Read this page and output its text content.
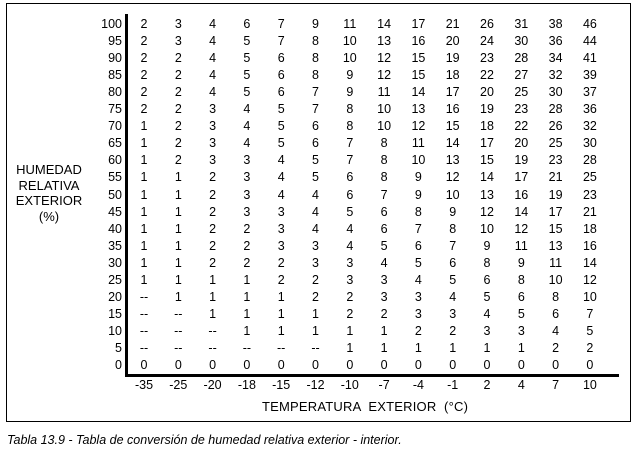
HUMEDAD
RELATIVA
EXTERIOR
(%)
100	2	3	4	6	7	9	11	14	17	21	26	31	38	46
95	2	3	4	5	7	8	10	13	16	20	24	30	36	44
90	2	2	4	5	6	8	10	12	15	19	23	28	34	41
85	2	2	4	5	6	8	9	12	15	18	22	27	32	39
80	2	2	4	5	6	7	9	11	14	17	20	25	30	37
75	2	2	3	4	5	7	8	10	13	16	19	23	28	36
70	1	2	3	4	5	6	8	10	12	15	18	22	26	32
65	1	2	3	4	5	6	7	8	11	14	17	20	25	30
60	1	2	3	3	4	5	7	8	10	13	15	19	23	28
55	1	1	2	3	4	5	6	8	9	12	14	17	21	25
50	1	1	2	3	4	4	6	7	9	10	13	16	19	23
45	1	1	2	3	3	4	5	6	8	9	12	14	17	21
40	1	1	2	2	3	4	4	6	7	8	10	12	15	18
35	1	1	2	2	3	3	4	5	6	7	9	11	13	16
30	1	1	2	2	2	3	3	4	5	6	8	9	11	14
25	1	1	1	1	2	2	3	3	4	5	6	8	10	12
20	--	1	1	1	1	2	2	3	3	4	5	6	8	10
15	--	--	1	1	1	1	2	2	3	3	4	5	6	7
10	--	--	--	1	1	1	1	1	2	2	3	3	4	5
5	--	--	--	--	--	--	1	1	1	1	1	1	2	2
0	0	0	0	0	0	0	0	0	0	0	0	0	0	0
-35	-25	-20	-18	-15	-12	-10	-7	-4	-1	2	4	7	10
TEMPERATURA  EXTERIOR  (°C)
Tabla 13.9 - Tabla de conversión de humedad relativa exterior - interior.
